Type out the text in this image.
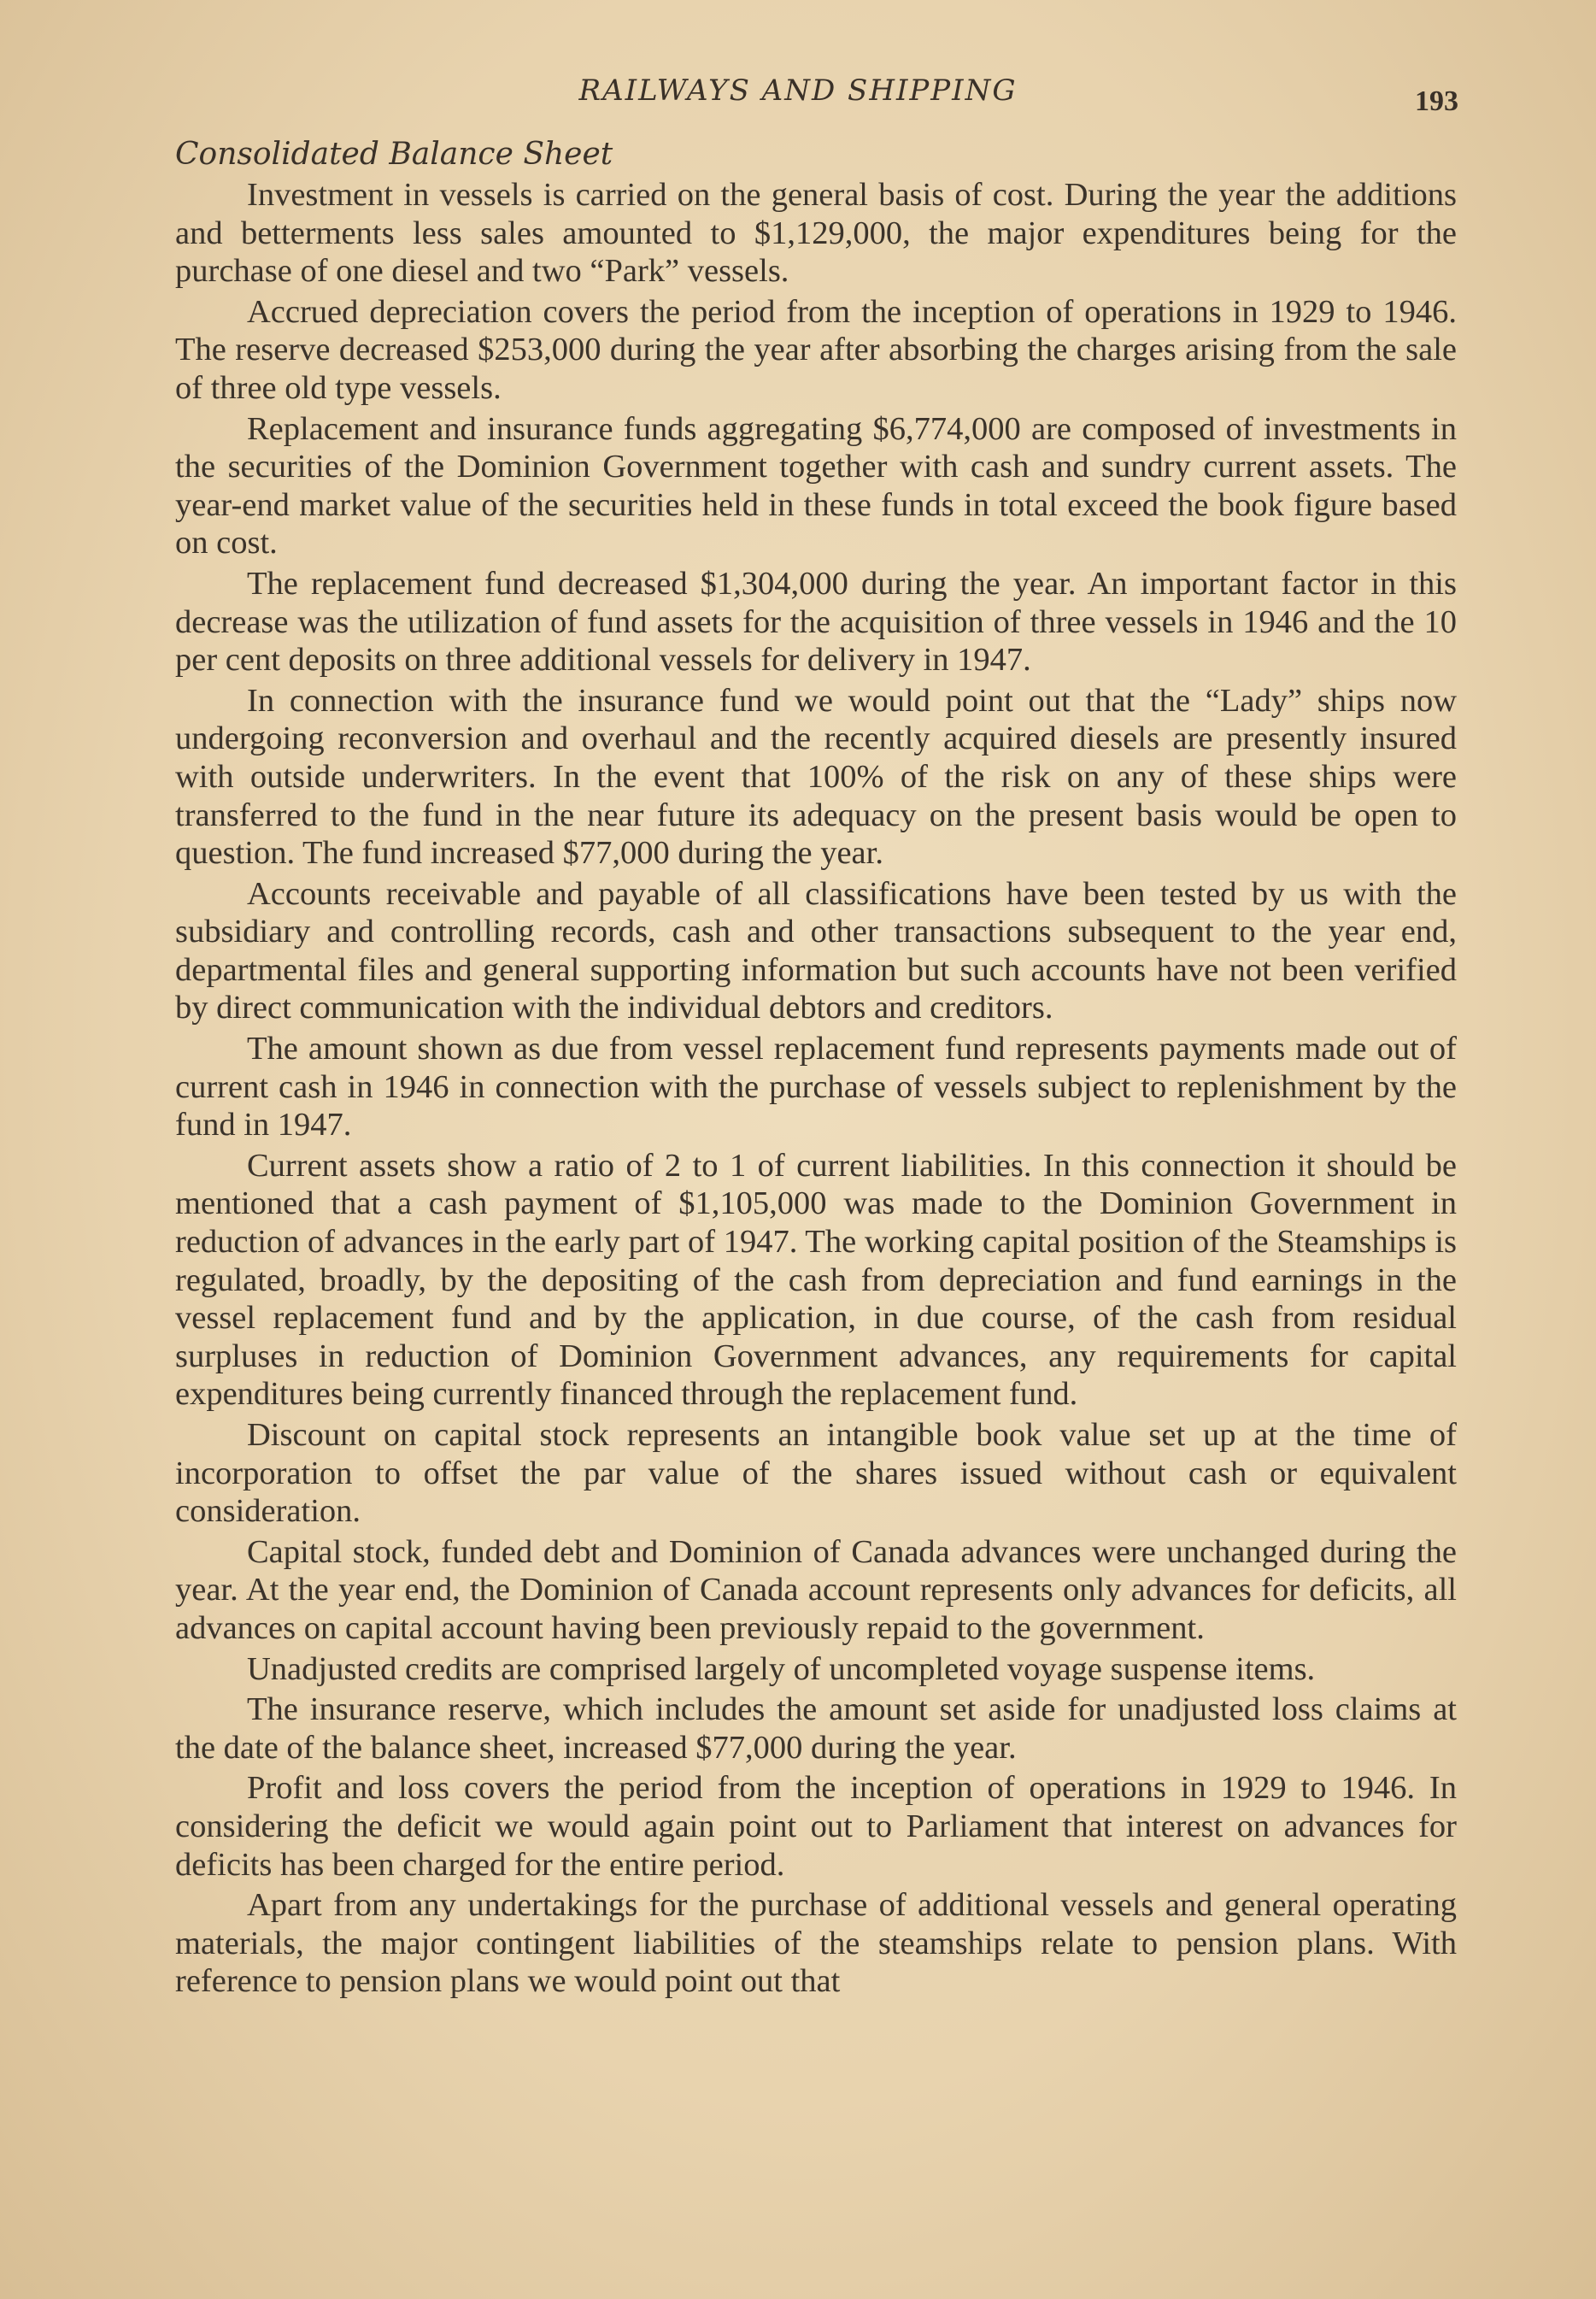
RAILWAYS AND SHIPPING	193
Consolidated Balance Sheet

Investment in vessels is carried on the general basis of cost. During the year the additions and betterments less sales amounted to $1,129,000, the major expenditures being for the purchase of one diesel and two “Park” vessels.

Accrued depreciation covers the period from the inception of operations in 1929 to 1946. The reserve decreased $253,000 during the year after absorbing the charges arising from the sale of three old type vessels.

Replacement and insurance funds aggregating $6,774,000 are composed of investments in the securities of the Dominion Government together with cash and sundry current assets. The year-end market value of the securities held in these funds in total exceed the book figure based on cost.

The replacement fund decreased $1,304,000 during the year. An important factor in this decrease was the utilization of fund assets for the acquisition of three vessels in 1946 and the 10 per cent deposits on three additional vessels for delivery in 1947.

In connection with the insurance fund we would point out that the “Lady” ships now undergoing reconversion and overhaul and the recently acquired diesels are presently insured with outside underwriters. In the event that 100% of the risk on any of these ships were transferred to the fund in the near future its adequacy on the present basis would be open to question. The fund increased $77,000 during the year.

Accounts receivable and payable of all classifications have been tested by us with the subsidiary and controlling records, cash and other transactions subsequent to the year end, departmental files and general supporting information but such accounts have not been verified by direct communication with the individual debtors and creditors.

The amount shown as due from vessel replacement fund represents payments made out of current cash in 1946 in connection with the purchase of vessels subject to replenishment by the fund in 1947.

Current assets show a ratio of 2 to 1 of current liabilities. In this connection it should be mentioned that a cash payment of $1,105,000 was made to the Dominion Government in reduction of advances in the early part of 1947. The working capital position of the Steamships is regulated, broadly, by the depositing of the cash from depreciation and fund earnings in the vessel replacement fund and by the application, in due course, of the cash from residual surpluses in reduction of Dominion Government advances, any requirements for capital expenditures being currently financed through the replacement fund.

Discount on capital stock represents an intangible book value set up at the time of incorporation to offset the par value of the shares issued without cash or equivalent consideration.

Capital stock, funded debt and Dominion of Canada advances were unchanged during the year. At the year end, the Dominion of Canada account represents only advances for deficits, all advances on capital account having been previously repaid to the government.

Unadjusted credits are comprised largely of uncompleted voyage suspense items.

The insurance reserve, which includes the amount set aside for unadjusted loss claims at the date of the balance sheet, increased $77,000 during the year.

Profit and loss covers the period from the inception of operations in 1929 to 1946. In considering the deficit we would again point out to Parliament that interest on advances for deficits has been charged for the entire period.

Apart from any undertakings for the purchase of additional vessels and general operating materials, the major contingent liabilities of the steamships relate to pension plans. With reference to pension plans we would point out that
